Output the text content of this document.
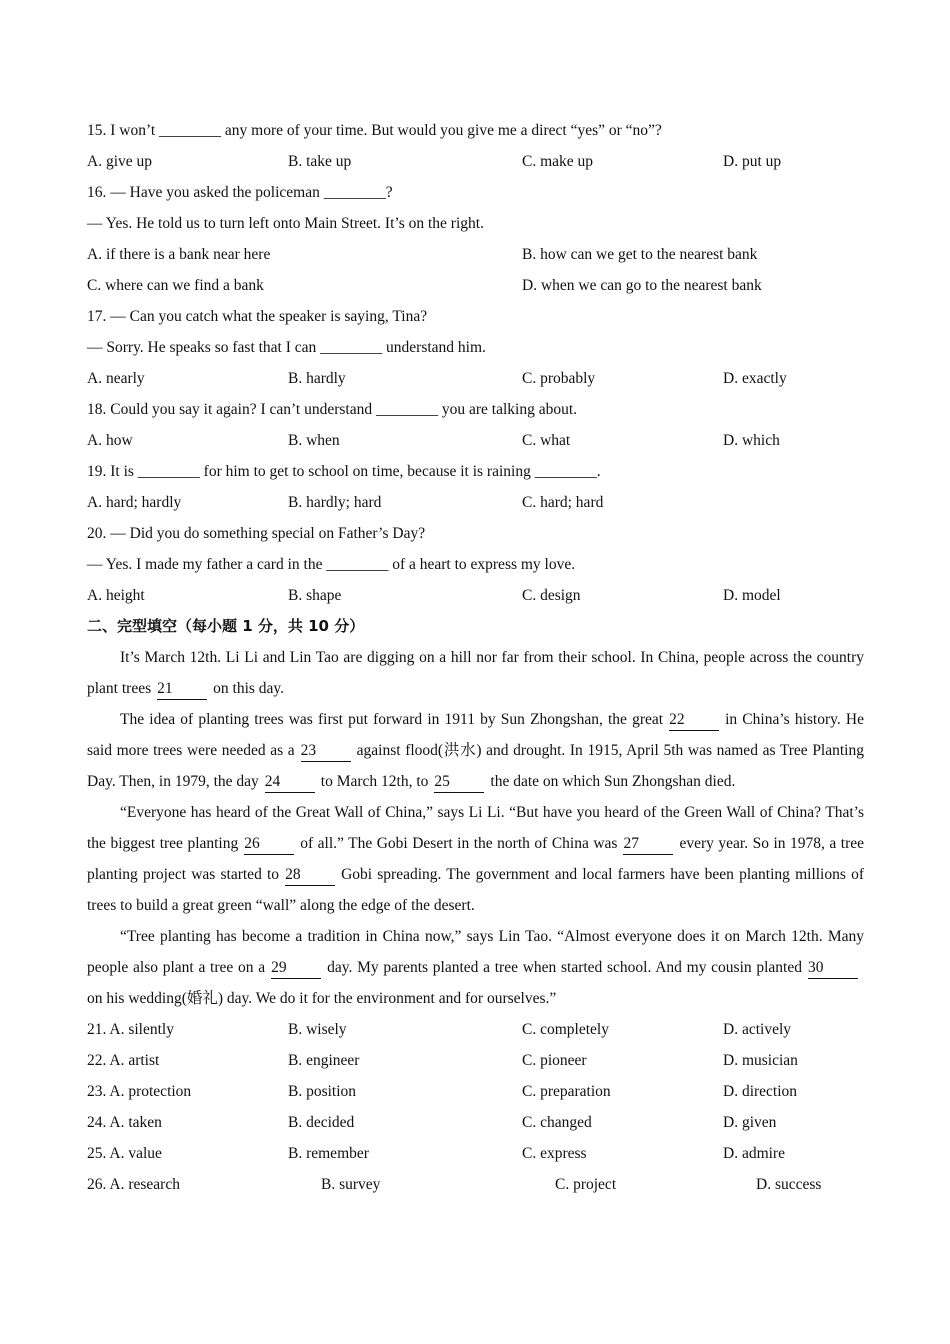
15. I won’t ________ any more of your time. But would you give me a direct “yes” or “no”?
A. give up	B. take up	C. make up	D. put up
16. — Have you asked the policeman ________?
— Yes. He told us to turn left onto Main Street. It’s on the right.
A. if there is a bank near here	B. how can we get to the nearest bank
C. where can we find a bank	D. when we can go to the nearest bank
17. — Can you catch what the speaker is saying, Tina?
— Sorry. He speaks so fast that I can ________ understand him.
A. nearly	B. hardly	C. probably	D. exactly
18. Could you say it again? I can’t understand ________ you are talking about.
A. how	B. when	C. what	D. which
19. It is ________ for him to get to school on time, because it is raining ________.
A. hard; hardly	B. hardly; hard	C. hard; hard
20. — Did you do something special on Father’s Day?
— Yes. I made my father a card in the ________ of a heart to express my love.
A. height	B. shape	C. design	D. model
二、完型填空（每小题 1 分，共 10 分）
It’s March 12th. Li Li and Lin Tao are digging on a hill nor far from their school. In China, people across the country plant trees 21	on this day.
The idea of planting trees was first put forward in 1911 by Sun Zhongshan, the great 22	in China’s history. He said more trees were needed as a 23	against flood(洪水) and drought. In 1915, April 5th was named as Tree Planting Day. Then, in 1979, the day 24	to March 12th, to 25	the date on which Sun Zhongshan died.
“Everyone has heard of the Great Wall of China,” says Li Li. “But have you heard of the Green Wall of China? That’s the biggest tree planting 26	of all.” The Gobi Desert in the north of China was 27	every year. So in 1978, a tree planting project was started to 28	Gobi spreading. The government and local farmers have been planting millions of trees to build a great green “wall” along the edge of the desert.
“Tree planting has become a tradition in China now,” says Lin Tao. “Almost everyone does it on March 12th. Many people also plant a tree on a 29	day. My parents planted a tree when started school. And my cousin planted 30on his wedding(婚礼) day. We do it for the environment and for ourselves.”
21. A. silently	B. wisely	C. completely	D. actively
22. A. artist	B. engineer	C. pioneer	D. musician
23. A. protection	B. position	C. preparation	D. direction
24. A. taken	B. decided	C. changed	D. given
25. A. value	B. remember	C. express	D. admire
26. A. research	B. survey	C. project	D. success
